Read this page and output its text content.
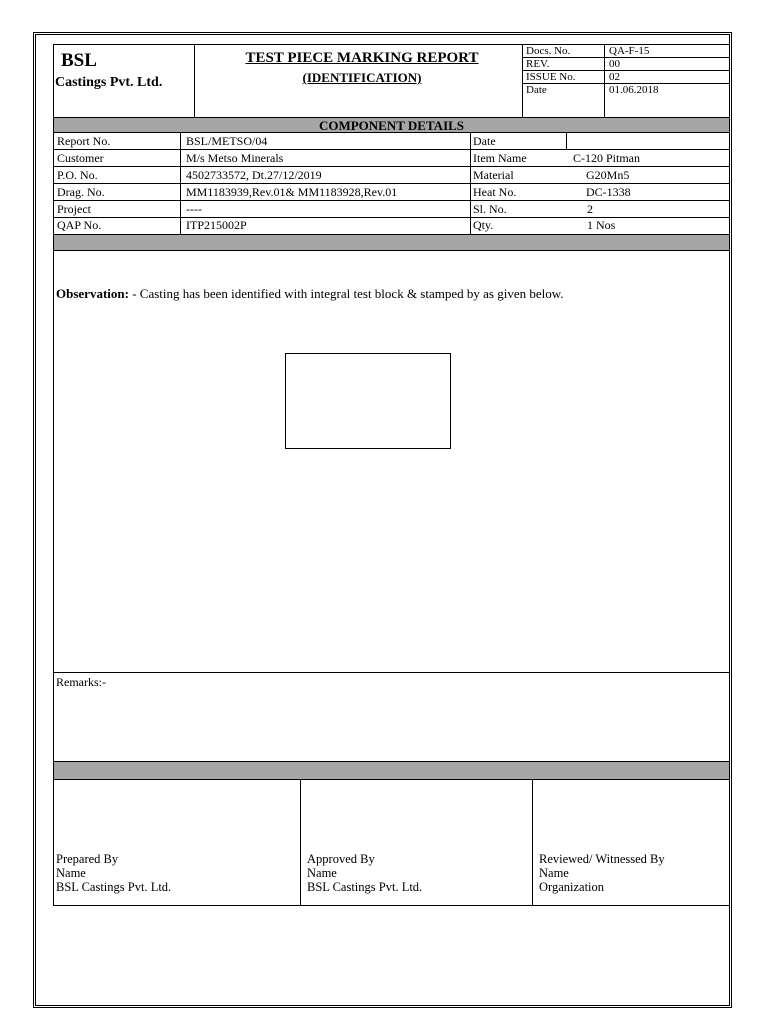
BSL
Castings Pvt. Ltd.
TEST PIECE MARKING REPORT
(IDENTIFICATION)
Docs. No.	QA-F-15
REV.	00
ISSUE No.	02
Date	01.06.2018
COMPONENT DETAILS
Report No.	BSL/METSO/04	Date
Customer	M/s Metso Minerals	Item Name	C-120 Pitman
P.O. No.	4502733572, Dt.27/12/2019	Material	G20Mn5
Drag. No.	MM1183939,Rev.01& MM1183928,Rev.01	Heat No.	DC-1338
Project	----	Sl. No.	2
QAP No.	ITP215002P	Qty.	1 Nos
Observation: - Casting has been identified with integral test block & stamped by as given below.
Remarks:-
Prepared By
Name
BSL Castings Pvt. Ltd.
Approved By
Name
BSL Castings Pvt. Ltd.
Reviewed/ Witnessed By
Name
Organization
